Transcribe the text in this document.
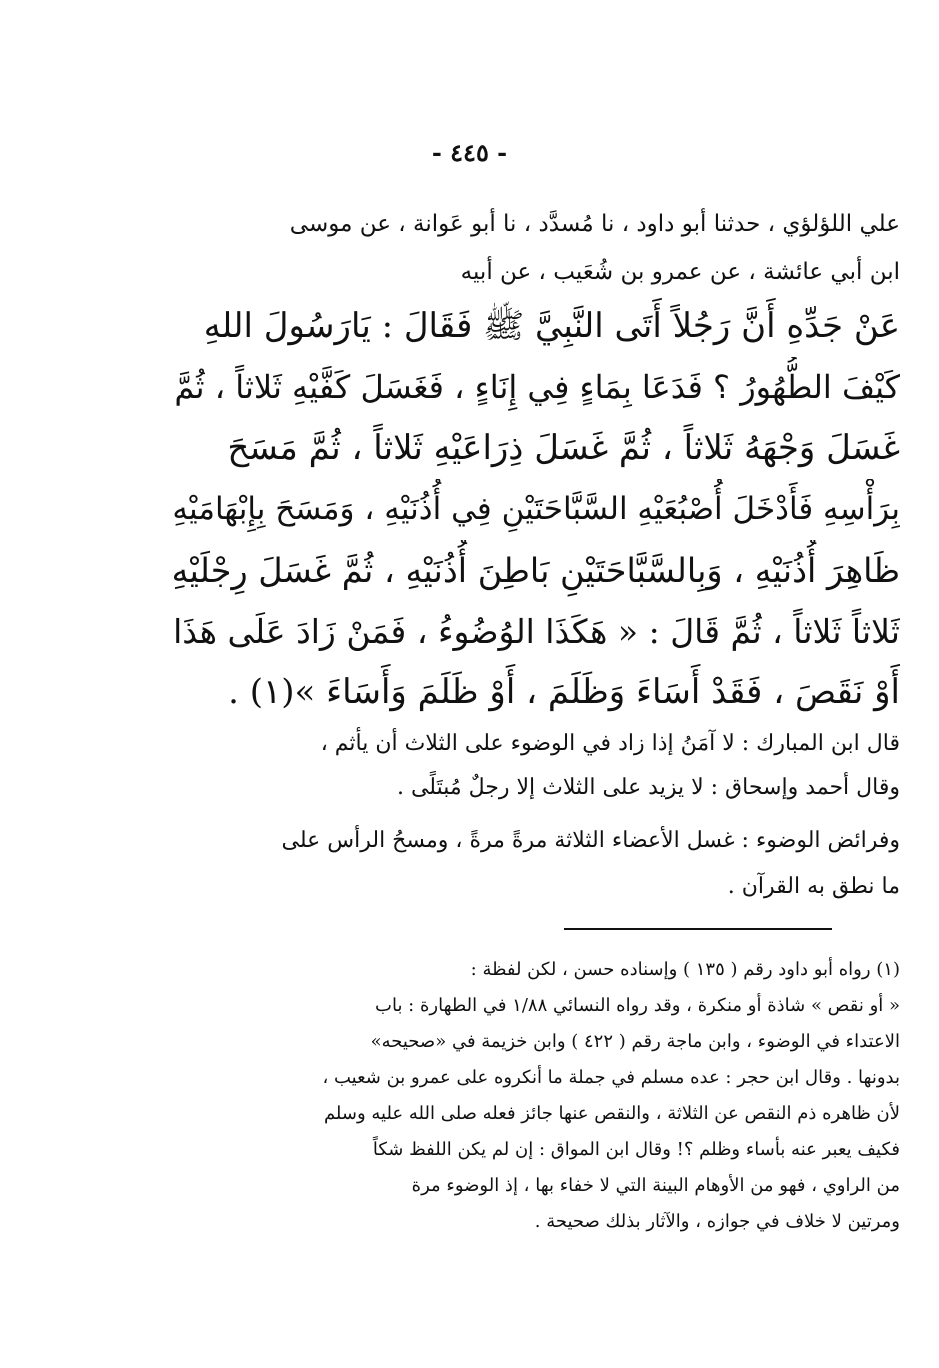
- ٤٤٥ -
علي اللؤلؤي ، حدثنا أبو داود ، نا مُسدَّد ، نا أبو عَوانة ، عن موسى
ابن أبي عائشة ، عن عمرو بن شُعَيب ، عن أبيه
عَنْ جَدِّهِ أَنَّ رَجُلاً أَتَى النَّبِيَّ ﷺ فَقَالَ : يَارَسُولَ اللهِ
كَيْفَ الطُّهُورُ ؟ فَدَعَا بِمَاءٍ فِي إِنَاءٍ ، فَغَسَلَ كَفَّيْهِ ثَلاثاً ، ثُمَّ
غَسَلَ وَجْهَهُ ثَلاثاً ، ثُمَّ غَسَلَ ذِرَاعَيْهِ ثَلاثاً ، ثُمَّ مَسَحَ
بِرَأْسِهِ فَأَدْخَلَ أُصْبُعَيْهِ السَّبَّاحَتَيْنِ فِي أُذُنَيْهِ ، وَمَسَحَ بِإِبْهَامَيْهِ
ظَاهِرَ أُذُنَيْهِ ، وَبِالسَّبَّاحَتَيْنِ بَاطِنَ أُذُنَيْهِ ، ثُمَّ غَسَلَ رِجْلَيْهِ
ثَلاثاً ثَلاثاً ، ثُمَّ قَالَ : « هَكَذَا الوُضُوءُ ، فَمَنْ زَادَ عَلَى هَذَا
أَوْ نَقَصَ ، فَقَدْ أَسَاءَ وَظَلَمَ ، أَوْ ظَلَمَ وَأَسَاءَ »(١) .
قال ابن المبارك : لا آمَنُ إذا زاد في الوضوء على الثلاث أن يأثم ،
وقال أحمد وإسحاق : لا يزيد على الثلاث إلا رجلٌ مُبتَلًى .
وفرائض الوضوء : غسل الأعضاء الثلاثة مرةً مرةً ، ومسحُ الرأس على
ما نطق به القرآن .
(١) رواه أبو داود رقم ( ١٣٥ ) وإسناده حسن ، لكن لفظة :
« أو نقص » شاذة أو منكرة ، وقد رواه النسائي ١/٨٨ في الطهارة : باب
الاعتداء في الوضوء ، وابن ماجة رقم ( ٤٢٢ ) وابن خزيمة في «صحيحه»
بدونها . وقال ابن حجر : عده مسلم في جملة ما أنكروه على عمرو بن شعيب ،
لأن ظاهره ذم النقص عن الثلاثة ، والنقص عنها جائز فعله صلى الله عليه وسلم
فكيف يعبر عنه بأساء وظلم ؟! وقال ابن المواق : إن لم يكن اللفظ شكاً
من الراوي ، فهو من الأوهام البينة التي لا خفاء بها ، إذ الوضوء مرة
ومرتين لا خلاف في جوازه ، والآثار بذلك صحيحة .
